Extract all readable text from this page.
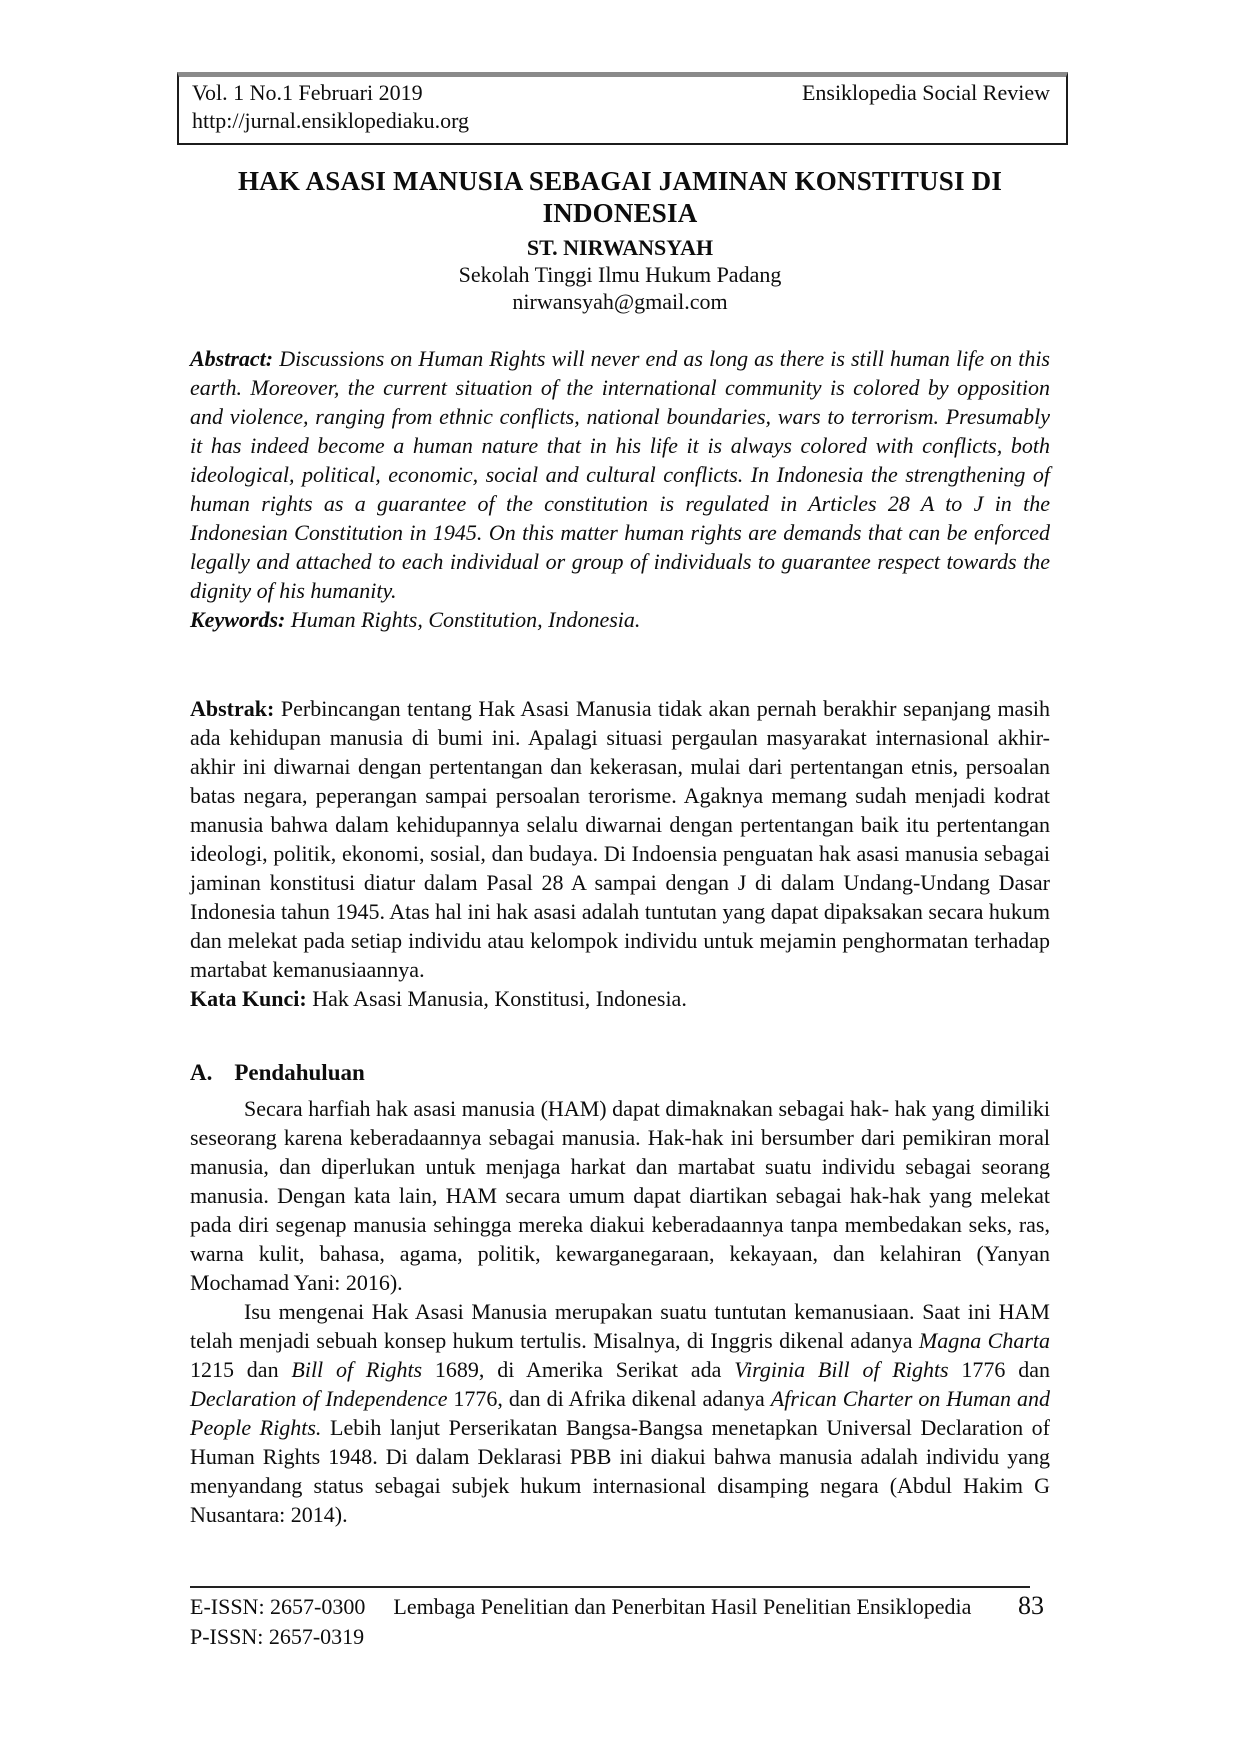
Vol. 1 No.1 Februari 2019	Ensiklopedia Social Review
http://jurnal.ensiklopediaku.org
HAK ASASI MANUSIA SEBAGAI JAMINAN KONSTITUSI DI INDONESIA
ST. NIRWANSYAH
Sekolah Tinggi Ilmu Hukum Padang
nirwansyah@gmail.com

Abstract: Discussions on Human Rights will never end as long as there is still human life on this earth. Moreover, the current situation of the international community is colored by opposition and violence, ranging from ethnic conflicts, national boundaries, wars to terrorism. Presumably it has indeed become a human nature that in his life it is always colored with conflicts, both ideological, political, economic, social and cultural conflicts. In Indonesia the strengthening of human rights as a guarantee of the constitution is regulated in Articles 28 A to J in the Indonesian Constitution in 1945. On this matter human rights are demands that can be enforced legally and attached to each individual or group of individuals to guarantee respect towards the dignity of his humanity.

Keywords: Human Rights, Constitution, Indonesia.

Abstrak: Perbincangan tentang Hak Asasi Manusia tidak akan pernah berakhir sepanjang masih ada kehidupan manusia di bumi ini. Apalagi situasi pergaulan masyarakat internasional akhir-akhir ini diwarnai dengan pertentangan dan kekerasan, mulai dari pertentangan etnis, persoalan batas negara, peperangan sampai persoalan terorisme. Agaknya memang sudah menjadi kodrat manusia bahwa dalam kehidupannya selalu diwarnai dengan pertentangan baik itu pertentangan ideologi, politik, ekonomi, sosial, dan budaya. Di Indoensia penguatan hak asasi manusia sebagai jaminan konstitusi diatur dalam Pasal 28 A sampai dengan J di dalam Undang-Undang Dasar Indonesia tahun 1945. Atas hal ini hak asasi adalah tuntutan yang dapat dipaksakan secara hukum dan melekat pada setiap individu atau kelompok individu untuk mejamin penghormatan terhadap martabat kemanusiaannya.

Kata Kunci: Hak Asasi Manusia, Konstitusi, Indonesia.

A. Pendahuluan

Secara harfiah hak asasi manusia (HAM) dapat dimaknakan sebagai hak- hak yang dimiliki seseorang karena keberadaannya sebagai manusia. Hak-hak ini bersumber dari pemikiran moral manusia, dan diperlukan untuk menjaga harkat dan martabat suatu individu sebagai seorang manusia. Dengan kata lain, HAM secara umum dapat diartikan sebagai hak-hak yang melekat pada diri segenap manusia sehingga mereka diakui keberadaannya tanpa membedakan seks, ras, warna kulit, bahasa, agama, politik, kewarganegaraan, kekayaan, dan kelahiran (Yanyan Mochamad Yani: 2016).

Isu mengenai Hak Asasi Manusia merupakan suatu tuntutan kemanusiaan. Saat ini HAM telah menjadi sebuah konsep hukum tertulis. Misalnya, di Inggris dikenal adanya Magna Charta 1215 dan Bill of Rights 1689, di Amerika Serikat ada Virginia Bill of Rights 1776 dan Declaration of Independence 1776, dan di Afrika dikenal adanya African Charter on Human and People Rights. Lebih lanjut Perserikatan Bangsa-Bangsa menetapkan Universal Declaration of Human Rights 1948. Di dalam Deklarasi PBB ini diakui bahwa manusia adalah individu yang menyandang status sebagai subjek hukum internasional disamping negara (Abdul Hakim G Nusantara: 2014).

E-ISSN: 2657-0300 Lembaga Penelitian dan Penerbitan Hasil Penelitian Ensiklopedia 83
P-ISSN: 2657-0319
